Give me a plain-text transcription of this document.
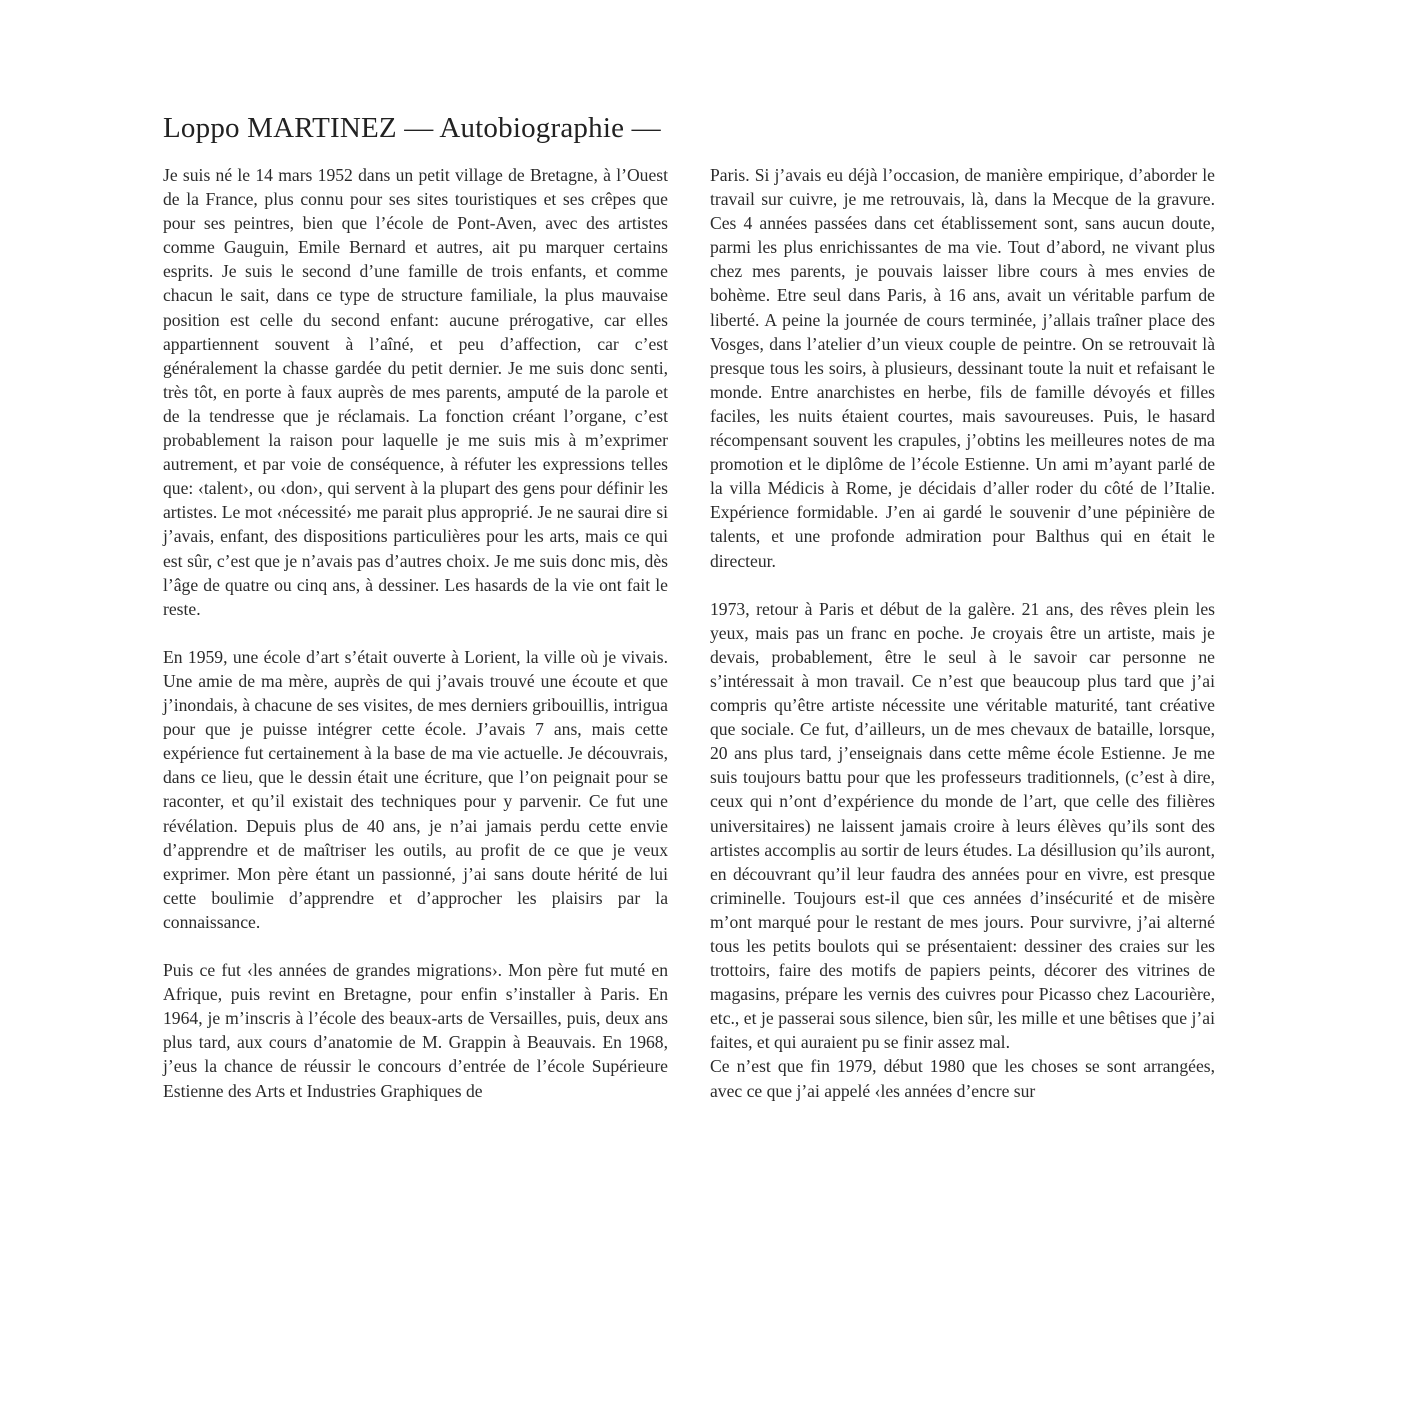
Loppo MARTINEZ — Autobiographie —

Je suis né le 14 mars 1952 dans un petit village de Bretagne, à l’Ouest de la France, plus connu pour ses sites touristiques et ses crêpes que pour ses peintres, bien que l’école de Pont-Aven, avec des artistes comme Gauguin, Emile Bernard et autres, ait pu marquer certains esprits. Je suis le second d’une famille de trois enfants, et comme chacun le sait, dans ce type de structure familiale, la plus mauvaise position est celle du second enfant: aucune prérogative, car elles appartiennent souvent à l’aîné, et peu d’affection, car c’est généralement la chasse gardée du petit dernier. Je me suis donc senti, très tôt, en porte à faux auprès de mes parents, amputé de la parole et de la tendresse que je réclamais. La fonction créant l’organe, c’est probablement la raison pour laquelle je me suis mis à m’exprimer autrement, et par voie de conséquence, à réfuter les expressions telles que: ‹talent›, ou ‹don›, qui servent à la plupart des gens pour définir les artistes. Le mot ‹nécessité› me parait plus approprié. Je ne saurai dire si j’avais, enfant, des dispositions particulières pour les arts, mais ce qui est sûr, c’est que je n’avais pas d’autres choix. Je me suis donc mis, dès l’âge de quatre ou cinq ans, à dessiner. Les hasards de la vie ont fait le reste.

En 1959, une école d’art s’était ouverte à Lorient, la ville où je vivais. Une amie de ma mère, auprès de qui j’avais trouvé une écoute et que j’inondais, à chacune de ses visites, de mes derniers gribouillis, intrigua pour que je puisse intégrer cette école. J’avais 7 ans, mais cette expérience fut certainement à la base de ma vie actuelle. Je découvrais, dans ce lieu, que le dessin était une écriture, que l’on peignait pour se raconter, et qu’il existait des techniques pour y parvenir. Ce fut une révélation. Depuis plus de 40 ans, je n’ai jamais perdu cette envie d’apprendre et de maîtriser les outils, au profit de ce que je veux exprimer. Mon père étant un passionné, j’ai sans doute hérité de lui cette boulimie d’apprendre et d’approcher les plaisirs par la connaissance.

Puis ce fut ‹les années de grandes migrations›. Mon père fut muté en Afrique, puis revint en Bretagne, pour enfin s’installer à Paris. En 1964, je m’inscris à l’école des beaux-arts de Versailles, puis, deux ans plus tard, aux cours d’anatomie de M. Grappin à Beauvais. En 1968, j’eus la chance de réussir le concours d’entrée de l’école Supérieure Estienne des Arts et Industries Graphiques de

Paris. Si j’avais eu déjà l’occasion, de manière empirique, d’aborder le travail sur cuivre, je me retrouvais, là, dans la Mecque de la gravure. Ces 4 années passées dans cet établissement sont, sans aucun doute, parmi les plus enrichissantes de ma vie. Tout d’abord, ne vivant plus chez mes parents, je pouvais laisser libre cours à mes envies de bohème. Etre seul dans Paris, à 16 ans, avait un véritable parfum de liberté. A peine la journée de cours terminée, j’allais traîner place des Vosges, dans l’atelier d’un vieux couple de peintre. On se retrouvait là presque tous les soirs, à plusieurs, dessinant toute la nuit et refaisant le monde. Entre anarchistes en herbe, fils de famille dévoyés et filles faciles, les nuits étaient courtes, mais savoureuses. Puis, le hasard récompensant souvent les crapules, j’obtins les meilleures notes de ma promotion et le diplôme de l’école Estienne. Un ami m’ayant parlé de la villa Médicis à Rome, je décidais d’aller roder du côté de l’Italie. Expérience formidable. J’en ai gardé le souvenir d’une pépinière de talents, et une profonde admiration pour Balthus qui en était le directeur.

1973, retour à Paris et début de la galère. 21 ans, des rêves plein les yeux, mais pas un franc en poche. Je croyais être un artiste, mais je devais, probablement, être le seul à le savoir car personne ne s’intéressait à mon travail. Ce n’est que beaucoup plus tard que j’ai compris qu’être artiste nécessite une véritable maturité, tant créative que sociale. Ce fut, d’ailleurs, un de mes chevaux de bataille, lorsque, 20 ans plus tard, j’enseignais dans cette même école Estienne. Je me suis toujours battu pour que les professeurs traditionnels, (c’est à dire, ceux qui n’ont d’expérience du monde de l’art, que celle des filières universitaires) ne laissent jamais croire à leurs élèves qu’ils sont des artistes accomplis au sortir de leurs études. La désillusion qu’ils auront, en découvrant qu’il leur faudra des années pour en vivre, est presque criminelle. Toujours est-il que ces années d’insécurité et de misère m’ont marqué pour le restant de mes jours. Pour survivre, j’ai alterné tous les petits boulots qui se présentaient: dessiner des craies sur les trottoirs, faire des motifs de papiers peints, décorer des vitrines de magasins, prépare les vernis des cuivres pour Picasso chez Lacourière, etc., et je passerai sous silence, bien sûr, les mille et une bêtises que j’ai faites, et qui auraient pu se finir assez mal.

Ce n’est que fin 1979, début 1980 que les choses se sont arrangées, avec ce que j’ai appelé ‹les années d’encre sur
